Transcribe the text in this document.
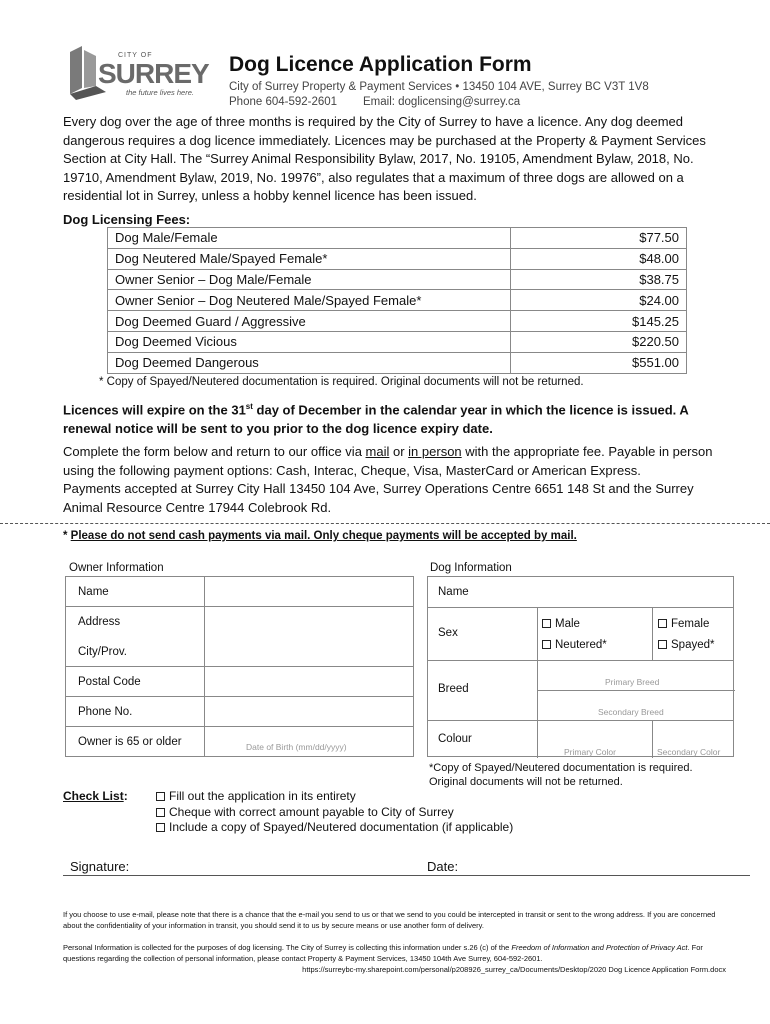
CITY OF
SURREY
the future lives here.
Dog Licence Application Form
City of Surrey Property & Payment Services • 13450 104 AVE, Surrey BC V3T 1V8
Phone 604-592-2601 Email: doglicensing@surrey.ca
Every dog over the age of three months is required by the City of Surrey to have a licence. Any dog deemed dangerous requires a dog licence immediately. Licences may be purchased at the Property & Payment Services Section at City Hall. The “Surrey Animal Responsibility Bylaw, 2017, No. 19105, Amendment Bylaw, 2018, No. 19710, Amendment Bylaw, 2019, No. 19976”, also regulates that a maximum of three dogs are allowed on a residential lot in Surrey, unless a hobby kennel licence has been issued.
Dog Licensing Fees:
Dog Male/Female	$77.50
Dog Neutered Male/Spayed Female*	$48.00
Owner Senior – Dog Male/Female	$38.75
Owner Senior – Dog Neutered Male/Spayed Female*	$24.00
Dog Deemed Guard / Aggressive	$145.25
Dog Deemed Vicious	$220.50
Dog Deemed Dangerous	$551.00
* Copy of Spayed/Neutered documentation is required. Original documents will not be returned.
Licences will expire on the 31st day of December in the calendar year in which the licence is issued. A renewal notice will be sent to you prior to the dog licence expiry date.
Complete the form below and return to our office via mail or in person with the appropriate fee. Payable in person using the following payment options: Cash, Interac, Cheque, Visa, MasterCard or American Express.
Payments accepted at Surrey City Hall 13450 104 Ave, Surrey Operations Centre 6651 148 St and the Surrey Animal Resource Centre 17944 Colebrook Rd.
* Please do not send cash payments via mail. Only cheque payments will be accepted by mail.
Owner Information
Name
Address
City/Prov.
Postal Code
Phone No.
Owner is 65 or older	Date of Birth (mm/dd/yyyy)
Dog Information
Name
Sex
Male	Female
Neutered*	Spayed*
Breed
Primary Breed
Secondary Breed
Colour
Primary Color	Secondary Color
*Copy of Spayed/Neutered documentation is required. Original documents will not be returned.
Check List:	Fill out the application in its entirety
Cheque with correct amount payable to City of Surrey
Include a copy of Spayed/Neutered documentation (if applicable)
Signature:	Date:
If you choose to use e-mail, please note that there is a chance that the e-mail you send to us or that we send to you could be intercepted in transit or sent to the wrong address. If you are concerned about the confidentiality of your information in transit, you should send it to us by secure means or use another form of delivery.
Personal Information is collected for the purposes of dog licensing. The City of Surrey is collecting this information under s.26 (c) of the Freedom of Information and Protection of Privacy Act. For questions regarding the collection of personal information, please contact Property & Payment Services, 13450 104th Ave Surrey, 604-592-2601.
https://surreybc-my.sharepoint.com/personal/p208926_surrey_ca/Documents/Desktop/2020 Dog Licence Application Form.docx
